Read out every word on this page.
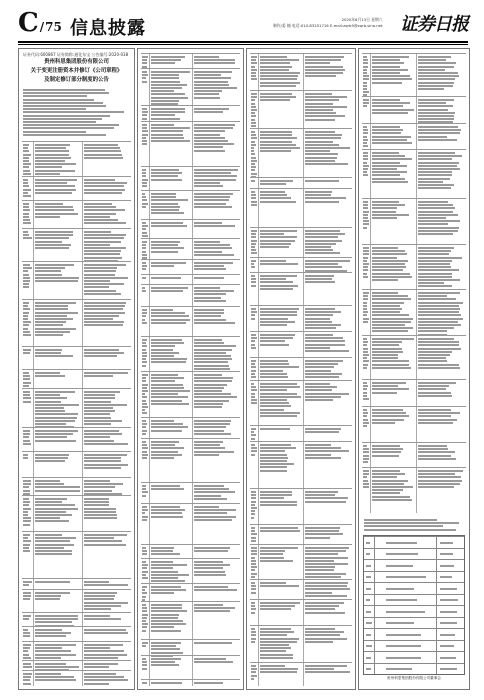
C/75 信息披露	2020年6月13日 星期六
制作/姜 楠 电话:010-83251716 E-mail:zqrb9@zqrb.sina.net 证券日报
证券代码:600867 证券简称:通化东宝 公告编号:2020-038
贵州科思集团股份有限公司
关于变更注册资本并修订《公司章程》
及制定修订部分制度的公告
贵州科思集团股份有限公司董事会
